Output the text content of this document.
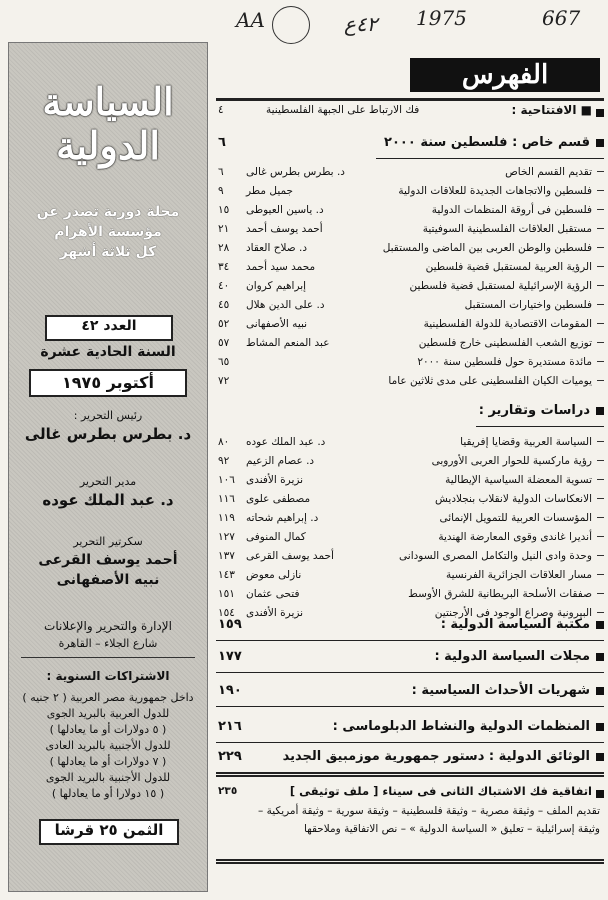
AA	٤٢ع 1975	667
السياسة
الدولية
مجلة دورية تصدر عن
مؤسسة الأهرام
كل ثلاثة أشهر
العدد ٤٢
السنة الحادية عشرة
أكتوبر ١٩٧٥
رئيس التحرير :
د. بطرس بطرس غالى
مدير التحرير
د. عبد الملك عوده
سكرتير التحرير
أحمد يوسف القرعى
نبيه الأصفهانى
الإدارة والتحرير والإعلانات
شارع الجلاء – القاهرة
الاشتراكات السنوية :
داخل جمهورية مصر العربية ( ٢ جنيه )
للدول العربية بالبريد الجوى
( ٥ دولارات أو ما يعادلها )
للدول الأجنبية بالبريد العادى
( ٧ دولارات أو ما يعادلها )
للدول الأجنبية بالبريد الجوى
( ١٥ دولارا أو ما يعادلها )
الثمن ٢٥ قرشا
الفهرس
■ الافتتاحية :
فك الارتباط على الجبهة الفلسطينية
٤
قسم خاص : فلسطين سنة ٢٠٠٠
٦
تقديم القسم الخاص
د. بطرس بطرس غالى
٦
فلسطين والاتجاهات الجديدة للعلاقات الدولية
جميل مطر
٩
فلسطين فى أروقة المنظمات الدولية
د. ياسين العيوطى
١٥
مستقبل العلاقات الفلسطينية السوفيتية
أحمد يوسف أحمد
٢١
فلسطين والوطن العربى بين الماضى والمستقبل
د. صلاح العقاد
٢٨
الرؤية العربية لمستقبل قضية فلسطين
محمد سيد أحمد
٣٤
الرؤية الإسرائيلية لمستقبل قضية فلسطين
إبراهيم كروان
٤٠
فلسطين واختيارات المستقبل
د. على الدين هلال
٤٥
المقومات الاقتصادية للدولة الفلسطينية
نبيه الأصفهانى
٥٢
توزيع الشعب الفلسطينى خارج فلسطين
عبد المنعم المشاط
٥٧
مائدة مستديرة حول فلسطين سنة ٢٠٠٠
٦٥
يوميات الكيان الفلسطينى على مدى ثلاثين عاما
٧٢
دراسات وتقارير :
السياسة العربية وقضايا إفريقيا
د. عبد الملك عوده
٨٠
رؤية ماركسية للحوار العربى الأوروبى
د. عصام الزعيم
٩٢
تسوية المعضلة السياسية الإيطالية
نزيرة الأفندى
١٠٦
الانعكاسات الدولية لانقلاب بنجلاديش
مصطفى علوى
١١٦
المؤسسات العربية للتمويل الإنمائى
د. إبراهيم شحاته
١١٩
أنديرا غاندى وقوى المعارضة الهندية
كمال المنوفى
١٢٧
وحدة وادى النيل والتكامل المصرى السودانى
أحمد يوسف القرعى
١٣٧
مسار العلاقات الجزائرية الفرنسية
نازلى معوض
١٤٣
صفقات الأسلحة البريطانية للشرق الأوسط
فتحى عثمان
١٥١
البيرونية وصراع الوجود فى الأرجنتين
نزيرة الأفندى
١٥٤
مكتبة السياسة الدولية :
١٥٩
مجلات السياسة الدولية :
١٧٧
شهريات الأحداث السياسية :
١٩٠
المنظمات الدولية والنشاط الدبلوماسى :
٢١٦
الوثائق الدولية : دستور جمهورية موزمبيق الجديد
٢٢٩
اتفاقية فك الاشتباك الثانى فى سيناء [ ملف توثيقى ]
٢٣٥
تقديم الملف – وثيقة مصرية – وثيقة فلسطينية – وثيقة سورية – وثيقة أمريكية –
وثيقة إسرائيلية – تعليق « السياسة الدولية » – نص الاتفاقية وملاحقها
